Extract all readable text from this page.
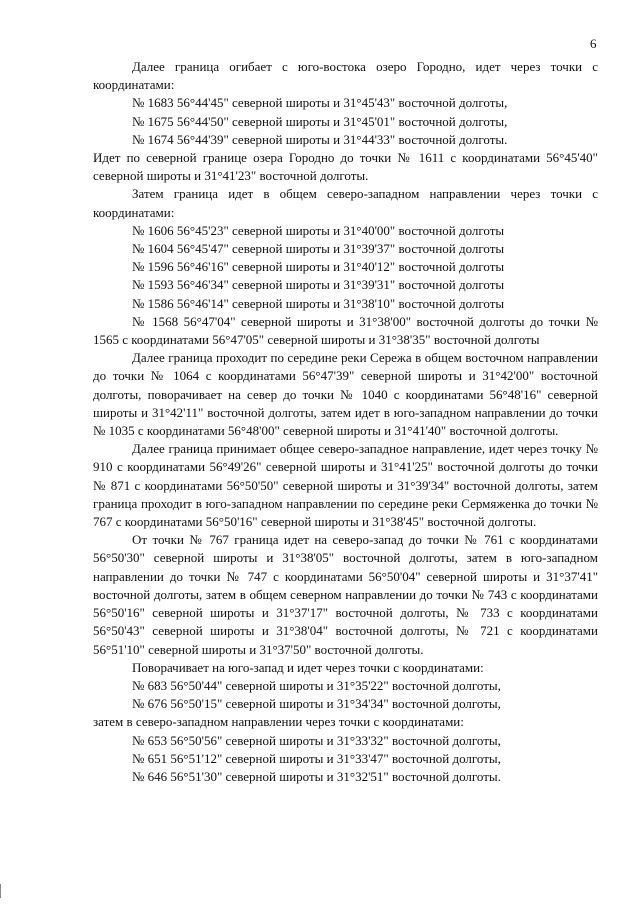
6

Далее граница огибает с юго-востока озеро Городно, идет через точки с координатами:

№ 1683 56°44'45" северной широты и 31°45'43" восточной долготы,

№ 1675 56°44'50" северной широты и 31°45'01" восточной долготы,

№ 1674 56°44'39" северной широты и 31°44'33" восточной долготы.

Идет по северной границе озера Городно до точки № 1611 с координатами 56°45'40" северной широты и 31°41'23" восточной долготы.

Затем граница идет в общем северо-западном направлении через точки с координатами:

№ 1606 56°45'23" северной широты и 31°40'00" восточной долготы

№ 1604 56°45'47" северной широты и 31°39'37" восточной долготы

№ 1596 56°46'16" северной широты и 31°40'12" восточной долготы

№ 1593 56°46'34" северной широты и 31°39'31" восточной долготы

№ 1586 56°46'14" северной широты и 31°38'10" восточной долготы

№ 1568 56°47'04" северной широты и 31°38'00" восточной долготы до точки № 1565 с координатами 56°47'05" северной широты и 31°38'35" восточной долготы

Далее граница проходит по середине реки Сережа в общем восточном направлении до точки № 1064 с координатами 56°47'39" северной широты и 31°42'00" восточной долготы, поворачивает на север до точки № 1040 с координатами 56°48'16" северной широты и 31°42'11" восточной долготы, затем идет в юго-западном направлении до точки № 1035 с координатами 56°48'00" северной широты и 31°41'40" восточной долготы.

Далее граница принимает общее северо-западное направление, идет через точку № 910 с координатами 56°49'26" северной широты и 31°41'25" восточной долготы до точки № 871 с координатами 56°50'50" северной широты и 31°39'34" восточной долготы, затем граница проходит в юго-западном направлении по середине реки Сермяженка до точки № 767 с координатами 56°50'16" северной широты и 31°38'45" восточной долготы.

От точки № 767 граница идет на северо-запад до точки № 761 с координатами 56°50'30" северной широты и 31°38'05" восточной долготы, затем в юго-западном направлении до точки № 747 с координатами 56°50'04" северной широты и 31°37'41" восточной долготы, затем в общем северном направлении до точки № 743 с координатами 56°50'16" северной широты и 31°37'17" восточной долготы, № 733 с координатами 56°50'43" северной широты и 31°38'04" восточной долготы, № 721 с координатами 56°51'10" северной широты и 31°37'50" восточной долготы.

Поворачивает на юго-запад и идет через точки с координатами:

№ 683 56°50'44" северной широты и 31°35'22" восточной долготы,

№ 676 56°50'15" северной широты и 31°34'34" восточной долготы,

затем в северо-западном направлении через точки с координатами:

№ 653 56°50'56" северной широты и 31°33'32" восточной долготы,

№ 651 56°51'12" северной широты и 31°33'47" восточной долготы,

№ 646 56°51'30" северной широты и 31°32'51" восточной долготы.
